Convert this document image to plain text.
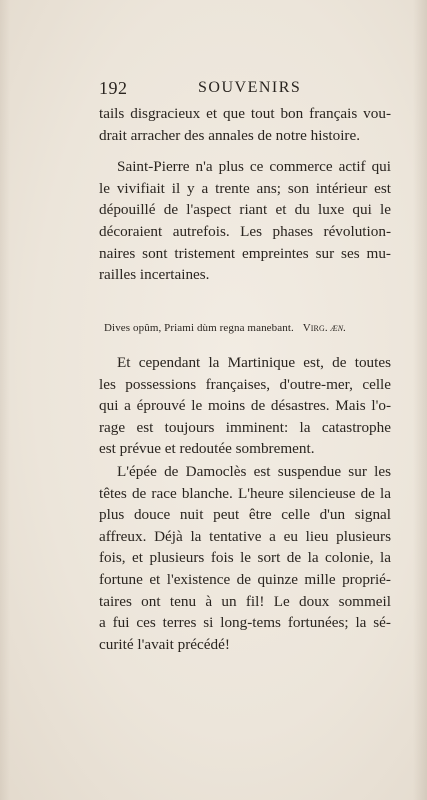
192	SOUVENIRS
tails disgracieux et que tout bon français vou-
drait arracher des annales de notre histoire.
Saint-Pierre n'a plus ce commerce actif qui
le vivifiait il y a trente ans; son intérieur est
dépouillé de l'aspect riant et du luxe qui le
décoraient autrefois. Les phases révolution-
naires sont tristement empreintes sur ses mu-
railles incertaines.
Dives opûm, Priami dùm regna manebant. Virg. æn.
Et cependant la Martinique est, de toutes
les possessions françaises, d'outre-mer, celle
qui a éprouvé le moins de désastres. Mais l'o-
rage est toujours imminent: la catastrophe
est prévue et redoutée sombrement.
L'épée de Damoclès est suspendue sur les
têtes de race blanche. L'heure silencieuse de la
plus douce nuit peut être celle d'un signal
affreux. Déjà la tentative a eu lieu plusieurs
fois, et plusieurs fois le sort de la colonie, la
fortune et l'existence de quinze mille proprié-
taires ont tenu à un fil! Le doux sommeil
a fui ces terres si long-tems fortunées; la sé-
curité l'avait précédé!
